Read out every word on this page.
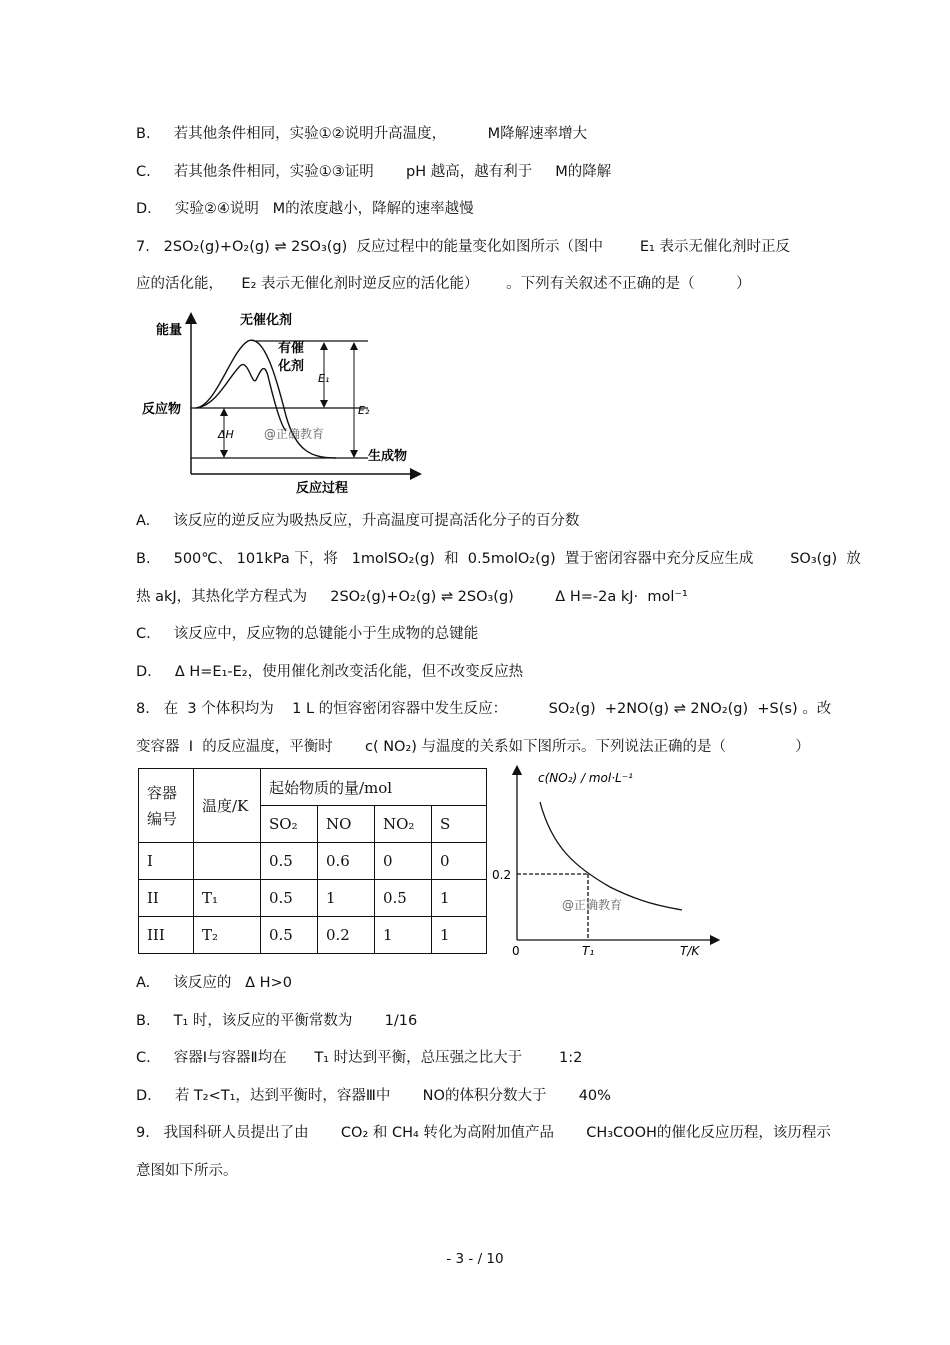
B.     若其他条件相同，实验①②说明升高温度，         M降解速率增大
C.     若其他条件相同，实验①③证明       pH 越高，越有利于     M的降解
D.     实验②④说明   M的浓度越小，降解的速率越慢
7.   2SO₂(g)+O₂(g) ⇌ 2SO₃(g)  反应过程中的能量变化如图所示（图中        E₁ 表示无催化剂时正反
应的活化能，    E₂ 表示无催化剂时逆反应的活化能）      。下列有关叙述不正确的是（         ）
能量
反应过程
反应物
生成物
无催化剂
有催
化剂
E₁
E₂
ΔH	@正确教育
A.     该反应的逆反应为吸热反应，升高温度可提高活化分子的百分数
B.     500℃、 101kPa 下，将   1molSO₂(g)  和  0.5molO₂(g)  置于密闭容器中充分反应生成        SO₃(g)  放
热 akJ，其热化学方程式为     2SO₂(g)+O₂(g) ⇌ 2SO₃(g)         Δ H=-2a kJ·  mol⁻¹
C.     该反应中，反应物的总键能小于生成物的总键能
D.     Δ H=E₁-E₂，使用催化剂改变活化能，但不改变反应热
8.   在  3 个体积均为    1 L 的恒容密闭容器中发生反应：         SO₂(g)  +2NO(g) ⇌ 2NO₂(g)  +S(s) 。改
变容器  I  的反应温度，平衡时       c( NO₂) 与温度的关系如下图所示。下列说法正确的是（               ）
容器
编号	温度/K	起始物质的量/mol			
		SO₂	NO	NO₂	S
I		0.5	0.6	0	0
II	T₁	0.5	1	0.5	1
III	T₂	0.5	0.2	1	1
c(NO₂) / mol·L⁻¹
0.2
0	T₁	T/K
@正确教育
A.     该反应的   Δ H>0
B.     T₁ 时，该反应的平衡常数为       1/16
C.     容器Ⅰ与容器Ⅱ均在      T₁ 时达到平衡，总压强之比大于        1:2
D.     若 T₂<T₁，达到平衡时，容器Ⅲ中       NO的体积分数大于       40%
9.   我国科研人员提出了由       CO₂ 和 CH₄ 转化为高附加值产品       CH₃COOH的催化反应历程，该历程示
意图如下所示。
- 3 - / 10
